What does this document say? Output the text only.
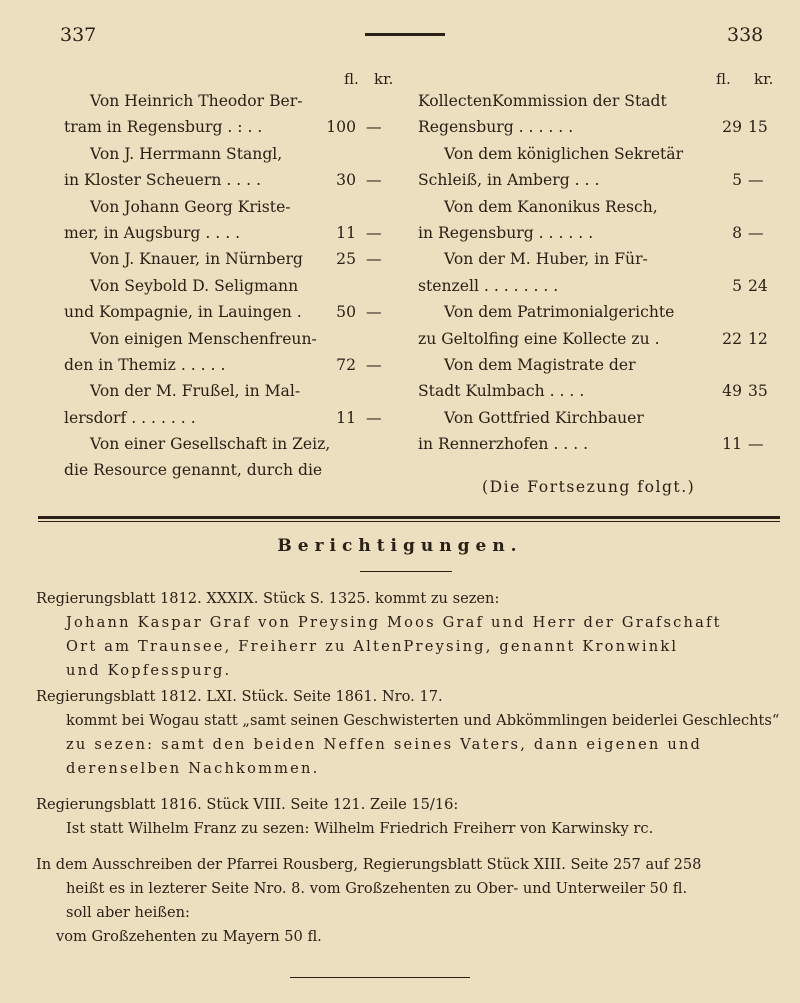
337	338
fl. kr.
Von Heinrich Theodor Ber-
tram in Regensburg . : . .	100 —
Von J. Herrmann Stangl,
in Kloster Scheuern . . . .	30 —
Von Johann Georg Kriste-
mer, in Augsburg . . . .	11 —
Von J. Knauer, in Nürnberg	25 —
Von Seybold D. Seligmann
und Kompagnie, in Lauingen .	50 —
Von einigen Menschenfreun-
den in Themiz . . . . .	72 —
Von der M. Frußel, in Mal-
lersdorf . . . . . . .	11 —
Von einer Gesellschaft in Zeiz,
die Resource genannt, durch die
fl. kr.
KollectenKommission der Stadt
Regensburg . . . . . .	29 15
Von dem königlichen Sekretär
Schleiß, in Amberg . . .	5 —
Von dem Kanonikus Resch,
in Regensburg . . . . . .	8 —
Von der M. Huber, in Für-
stenzell . . . . . . . .	5 24
Von dem Patrimonialgerichte
zu Geltolfing eine Kollecte zu .	22 12
Von dem Magistrate der
Stadt Kulmbach . . . .	49 35
Von Gottfried Kirchbauer
in Rennerzhofen . . . .	11 —
(Die Fortsezung folgt.)
Berichtigungen.
Regierungsblatt 1812. XXXIX. Stück S. 1325. kommt zu sezen:
Johann Kaspar Graf von Preysing Moos Graf und Herr der Grafschaft
Ort am Traunsee, Freiherr zu AltenPreysing, genannt Kronwinkl
und Kopfesspurg.
Regierungsblatt 1812. LXI. Stück. Seite 1861. Nro. 17.
kommt bei Wogau statt „samt seinen Geschwisterten und Abkömmlingen beiderlei Geschlechts“
zu sezen: samt den beiden Neffen seines Vaters, dann eigenen und
derenselben Nachkommen.
Regierungsblatt 1816. Stück VIII. Seite 121. Zeile 15/16:
Ist statt Wilhelm Franz zu sezen: Wilhelm Friedrich Freiherr von Karwinsky rc.
In dem Ausschreiben der Pfarrei Rousberg, Regierungsblatt Stück XIII. Seite 257 auf 258
heißt es in lezterer Seite Nro. 8. vom Großzehenten zu Ober- und Unterweiler 50 fl.
soll aber heißen:
vom Großzehenten zu Mayern 50 fl.
